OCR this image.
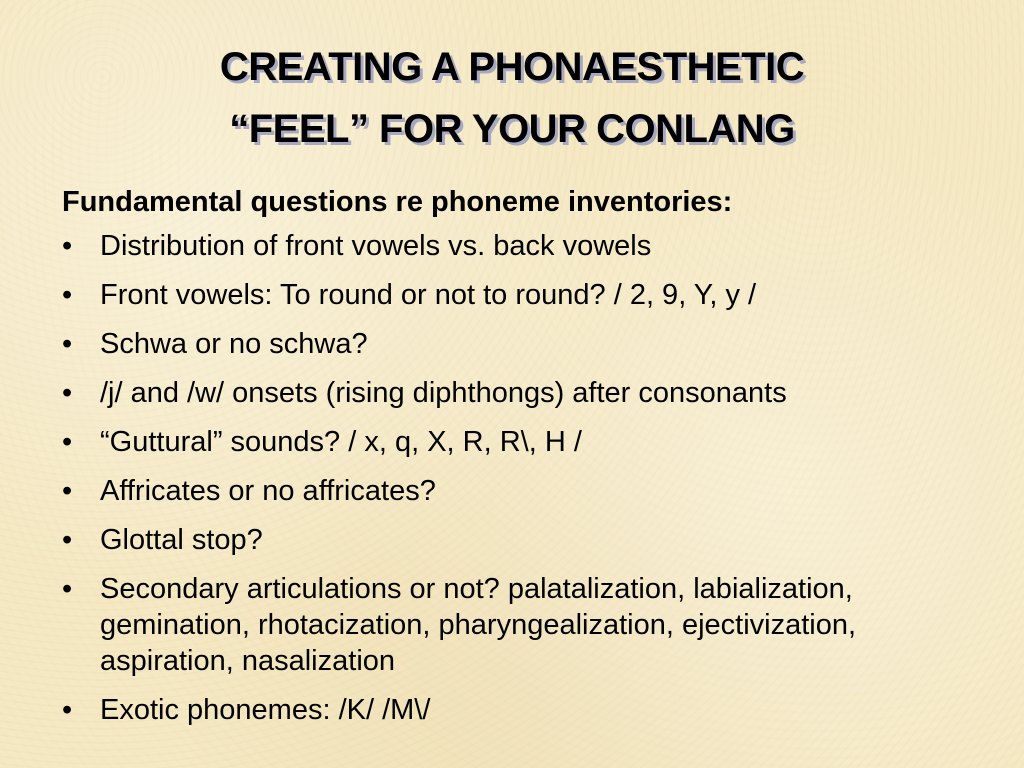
CREATING A PHONAESTHETIC
“FEEL” FOR YOUR CONLANG
Fundamental questions re phoneme inventories:
• Distribution of front vowels vs. back vowels
• Front vowels: To round or not to round? / 2, 9, Y, y /
• Schwa or no schwa?
• /j/ and /w/ onsets (rising diphthongs) after consonants
• “Guttural” sounds? / x, q, X, R, R\, H /
• Affricates or no affricates?
• Glottal stop?
• Secondary articulations or not? palatalization, labialization, gemination, rhotacization, pharyngealization, ejectivization, aspiration, nasalization
• Exotic phonemes: /K/ /M\/
